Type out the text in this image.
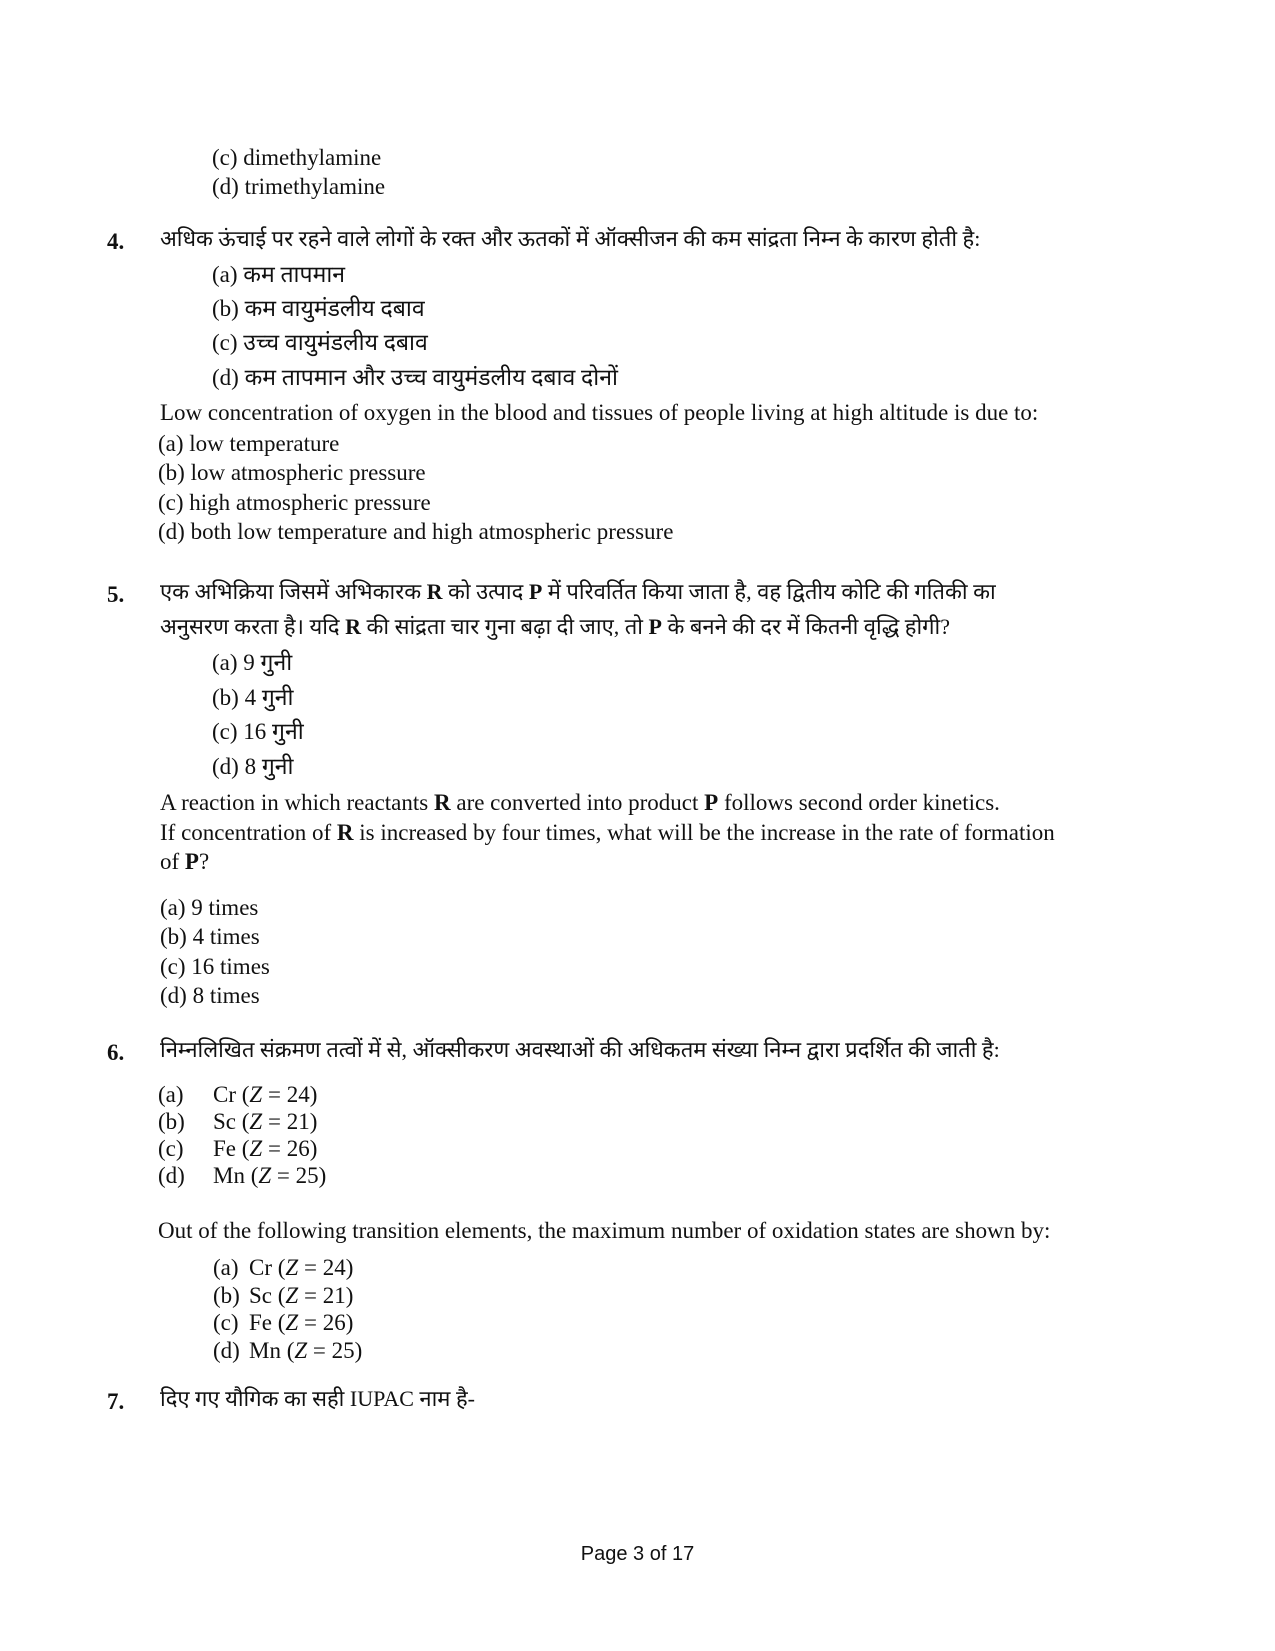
(c) dimethylamine
(d) trimethylamine
4. अधिक ऊंचाई पर रहने वाले लोगों के रक्त और ऊतकों में ऑक्सीजन की कम सांद्रता निम्न के कारण होती है:
(a) कम तापमान
(b) कम वायुमंडलीय दबाव
(c) उच्च वायुमंडलीय दबाव
(d) कम तापमान और उच्च वायुमंडलीय दबाव दोनों
Low concentration of oxygen in the blood and tissues of people living at high altitude is due to:
(a) low temperature
(b) low atmospheric pressure
(c) high atmospheric pressure
(d) both low temperature and high atmospheric pressure
5. एक अभिक्रिया जिसमें अभिकारक R को उत्पाद P में परिवर्तित किया जाता है, वह द्वितीय कोटि की गतिकी का
अनुसरण करता है। यदि R की सांद्रता चार गुना बढ़ा दी जाए, तो P के बनने की दर में कितनी वृद्धि होगी?
(a) 9 गुनी
(b) 4 गुनी
(c) 16 गुनी
(d) 8 गुनी
A reaction in which reactants R are converted into product P follows second order kinetics.
If concentration of R is increased by four times, what will be the increase in the rate of formation
of P?
(a) 9 times
(b) 4 times
(c) 16 times
(d) 8 times
6. निम्नलिखित संक्रमण तत्वों में से, ऑक्सीकरण अवस्थाओं की अधिकतम संख्या निम्न द्वारा प्रदर्शित की जाती है:
(a) Cr (Z = 24)
(b) Sc (Z = 21)
(c) Fe (Z = 26)
(d) Mn (Z = 25)
Out of the following transition elements, the maximum number of oxidation states are shown by:
(a) Cr (Z = 24)
(b) Sc (Z = 21)
(c) Fe (Z = 26)
(d) Mn (Z = 25)
7. दिए गए यौगिक का सही IUPAC नाम है-
Page 3 of 17
